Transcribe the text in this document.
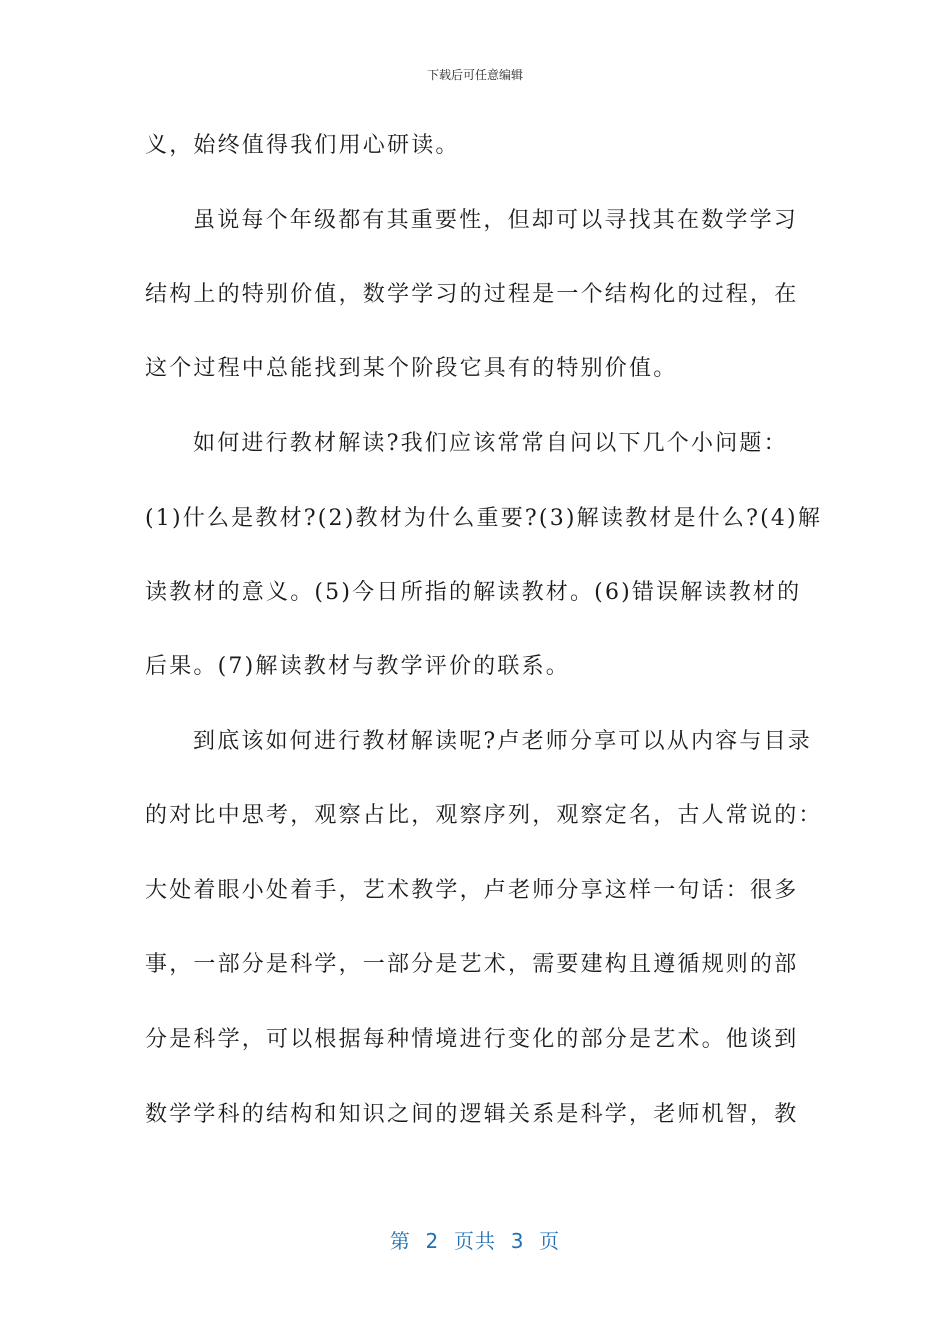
下载后可任意编辑
义，始终值得我们用心研读。
虽说每个年级都有其重要性，但却可以寻找其在数学学习
结构上的特别价值，数学学习的过程是一个结构化的过程，在
这个过程中总能找到某个阶段它具有的特别价值。
如何进行教材解读?我们应该常常自问以下几个小问题：
(1)什么是教材?(2)教材为什么重要?(3)解读教材是什么?(4)解
读教材的意义。(5)今日所指的解读教材。(6)错误解读教材的
后果。(7)解读教材与教学评价的联系。
到底该如何进行教材解读呢?卢老师分享可以从内容与目录
的对比中思考，观察占比，观察序列，观察定名，古人常说的：
大处着眼小处着手，艺术教学，卢老师分享这样一句话：很多
事，一部分是科学，一部分是艺术，需要建构且遵循规则的部
分是科学，可以根据每种情境进行变化的部分是艺术。他谈到
数学学科的结构和知识之间的逻辑关系是科学，老师机智，教
第  2  页共  3  页
